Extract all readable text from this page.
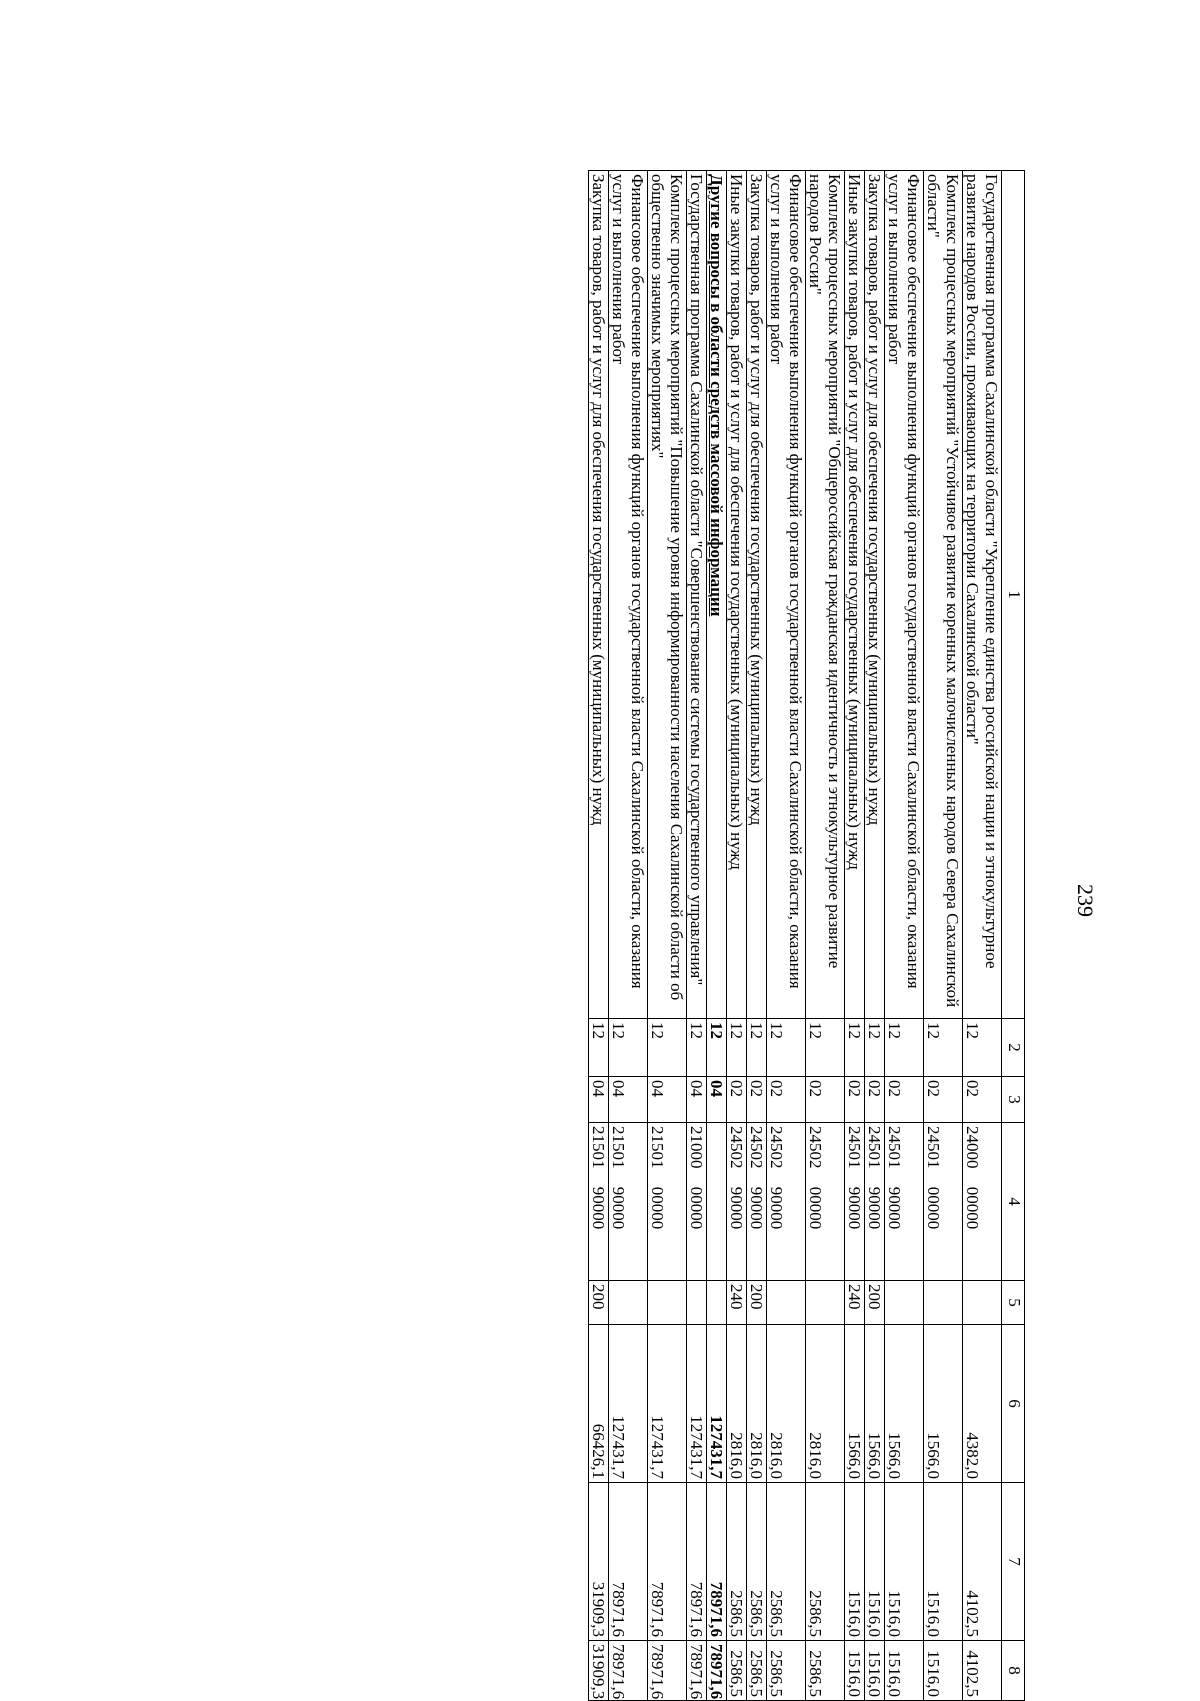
239
1	2	3	4	5	6	7	8
Государственная программа Сахалинской области "Укрепление единства российской нации и этнокультурное развитие народов России, проживающих на территории Сахалинской области"	12	02	24000 00000		4382,0	4102,5	4102,5
Комплекс процессных мероприятий "Устойчивое развитие коренных малочисленных народов Севера Сахалинской области"	12	02	24501 00000		1566,0	1516,0	1516,0
Финансовое обеспечение выполнения функций органов государственной власти Сахалинской области, оказания услуг и выполнения работ	12	02	24501 90000		1566,0	1516,0	1516,0
Закупка товаров, работ и услуг для обеспечения государственных (муниципальных) нужд	12	02	24501 90000	200	1566,0	1516,0	1516,0
Иные закупки товаров, работ и услуг для обеспечения государственных (муниципальных) нужд	12	02	24501 90000	240	1566,0	1516,0	1516,0
Комплекс процессных мероприятий "Общероссийская гражданская идентичность и этнокультурное развитие народов России"	12	02	24502 00000		2816,0	2586,5	2586,5
Финансовое обеспечение выполнения функций органов государственной власти Сахалинской области, оказания услуг и выполнения работ	12	02	24502 90000		2816,0	2586,5	2586,5
Закупка товаров, работ и услуг для обеспечения государственных (муниципальных) нужд	12	02	24502 90000	200	2816,0	2586,5	2586,5
Иные закупки товаров, работ и услуг для обеспечения государственных (муниципальных) нужд	12	02	24502 90000	240	2816,0	2586,5	2586,5
Другие вопросы в области средств массовой информации	12	04			127431,7	78971,6	78971,6
Государственная программа Сахалинской области "Совершенствование системы государственного управления"	12	04	21000 00000		127431,7	78971,6	78971,6
Комплекс процессных мероприятий "Повышение уровня информированности населения Сахалинской области об общественно значимых мероприятиях"	12	04	21501 00000		127431,7	78971,6	78971,6
Финансовое обеспечение выполнения функций органов государственной власти Сахалинской области, оказания услуг и выполнения работ	12	04	21501 90000		127431,7	78971,6	78971,6
Закупка товаров, работ и услуг для обеспечения государственных (муниципальных) нужд	12	04	21501 90000	200	66426,1	31909,3	31909,3
